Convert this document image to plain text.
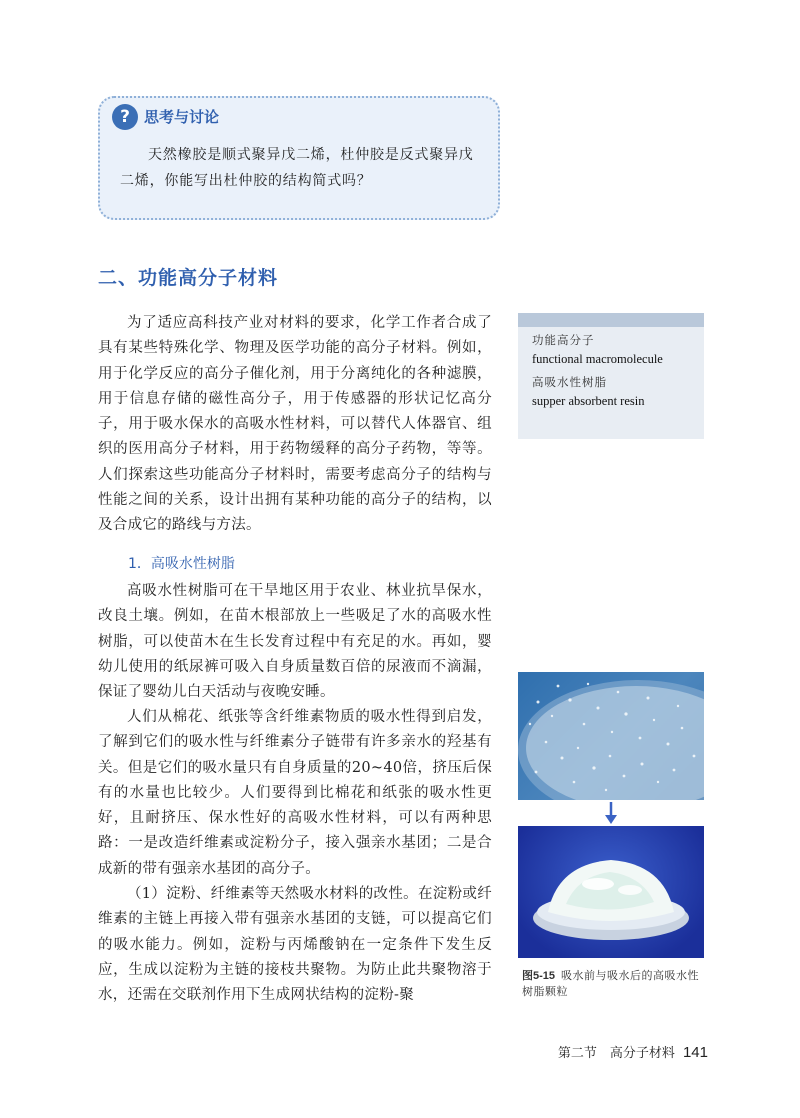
? 思考与讨论
天然橡胶是顺式聚异戊二烯，杜仲胶是反式聚异戊二烯，你能写出杜仲胶的结构简式吗？
二、功能高分子材料

为了适应高科技产业对材料的要求，化学工作者合成了具有某些特殊化学、物理及医学功能的高分子材料。例如，用于化学反应的高分子催化剂，用于分离纯化的各种滤膜，用于信息存储的磁性高分子，用于传感器的形状记忆高分子，用于吸水保水的高吸水性材料，可以替代人体器官、组织的医用高分子材料，用于药物缓释的高分子药物，等等。人们探索这些功能高分子材料时，需要考虑高分子的结构与性能之间的关系，设计出拥有某种功能的高分子的结构，以及合成它的路线与方法。

1．高吸水性树脂

高吸水性树脂可在干旱地区用于农业、林业抗旱保水，改良土壤。例如，在苗木根部放上一些吸足了水的高吸水性树脂，可以使苗木在生长发育过程中有充足的水。再如，婴幼儿使用的纸尿裤可吸入自身质量数百倍的尿液而不滴漏，保证了婴幼儿白天活动与夜晚安睡。

人们从棉花、纸张等含纤维素物质的吸水性得到启发，了解到它们的吸水性与纤维素分子链带有许多亲水的羟基有关。但是它们的吸水量只有自身质量的20~40倍，挤压后保有的水量也比较少。人们要得到比棉花和纸张的吸水性更好，且耐挤压、保水性好的高吸水性材料，可以有两种思路：一是改造纤维素或淀粉分子，接入强亲水基团；二是合成新的带有强亲水基团的高分子。

（1）淀粉、纤维素等天然吸水材料的改性。在淀粉或纤维素的主链上再接入带有强亲水基团的支链，可以提高它们的吸水能力。例如，淀粉与丙烯酸钠在一定条件下发生反应，生成以淀粉为主链的接枝共聚物。为防止此共聚物溶于水，还需在交联剂作用下生成网状结构的淀粉-聚

功能高分子
functional macromolecule
高吸水性树脂
supper absorbent resin
图5-15 吸水前与吸水后的高吸水性树脂颗粒
第二节　高分子材料 141
